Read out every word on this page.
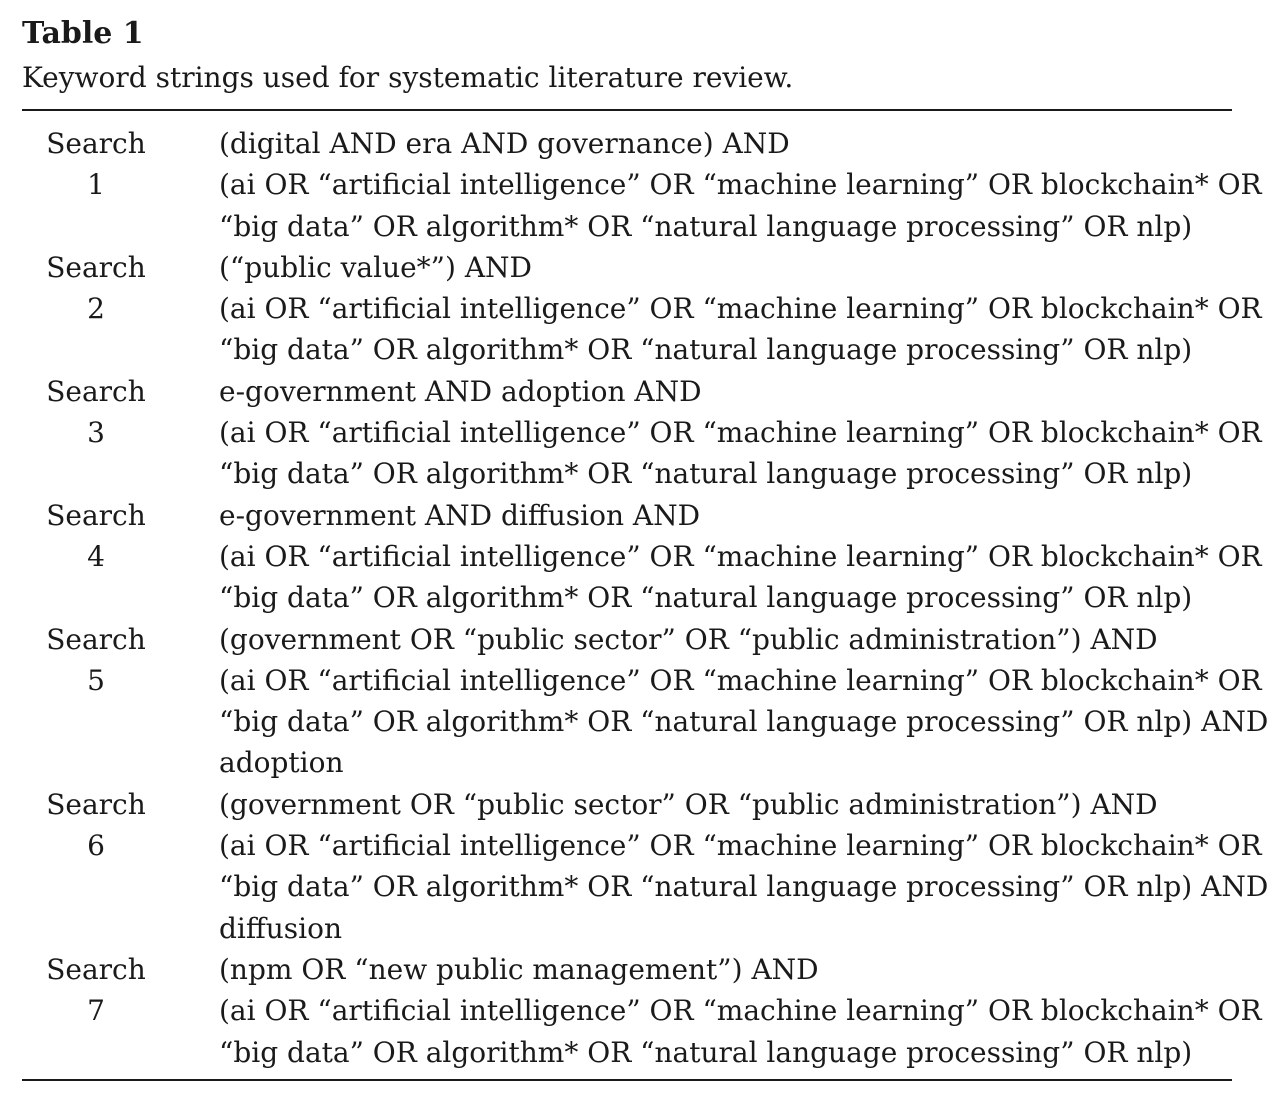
Table 1
Keyword strings used for systematic literature review.
Search
1
(digital AND era AND governance) AND
(ai OR “artificial intelligence” OR “machine learning” OR blockchain* OR
“big data” OR algorithm* OR “natural language processing” OR nlp)
Search
2
(“public value*”) AND
(ai OR “artificial intelligence” OR “machine learning” OR blockchain* OR
“big data” OR algorithm* OR “natural language processing” OR nlp)
Search
3
e-government AND adoption AND
(ai OR “artificial intelligence” OR “machine learning” OR blockchain* OR
“big data” OR algorithm* OR “natural language processing” OR nlp)
Search
4
e-government AND diffusion AND
(ai OR “artificial intelligence” OR “machine learning” OR blockchain* OR
“big data” OR algorithm* OR “natural language processing” OR nlp)
Search
5
(government OR “public sector” OR “public administration”) AND
(ai OR “artificial intelligence” OR “machine learning” OR blockchain* OR
“big data” OR algorithm* OR “natural language processing” OR nlp) AND
adoption
Search
6
(government OR “public sector” OR “public administration”) AND
(ai OR “artificial intelligence” OR “machine learning” OR blockchain* OR
“big data” OR algorithm* OR “natural language processing” OR nlp) AND
diffusion
Search
7
(npm OR “new public management”) AND
(ai OR “artificial intelligence” OR “machine learning” OR blockchain* OR
“big data” OR algorithm* OR “natural language processing” OR nlp)
